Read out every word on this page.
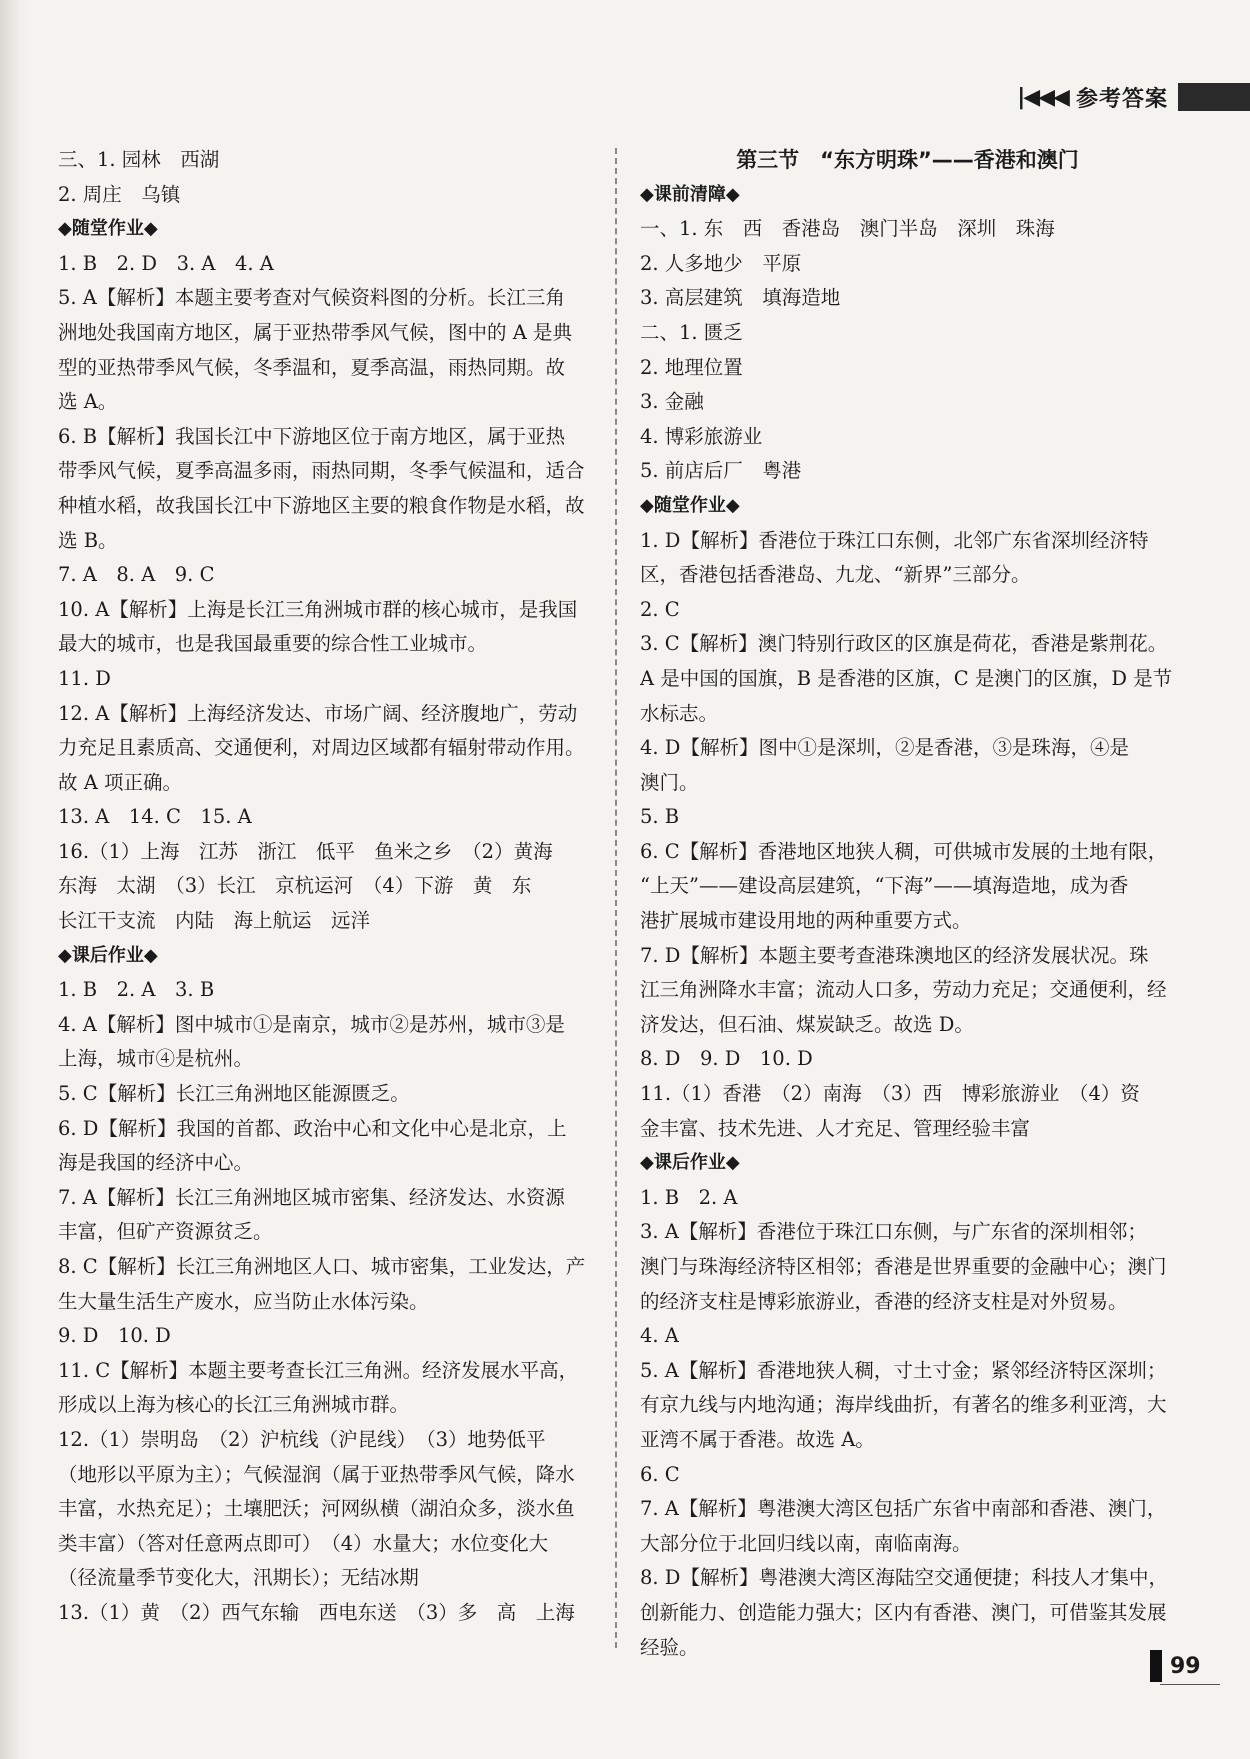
|◀◀◀ 参考答案
三、1. 园林　西湖
2. 周庄　乌镇
◆随堂作业◆
1. B　2. D　3. A　4. A
5. A【解析】本题主要考查对气候资料图的分析。长江三角
洲地处我国南方地区，属于亚热带季风气候，图中的 A 是典
型的亚热带季风气候，冬季温和，夏季高温，雨热同期。故
选 A。
6. B【解析】我国长江中下游地区位于南方地区，属于亚热
带季风气候，夏季高温多雨，雨热同期，冬季气候温和，适合
种植水稻，故我国长江中下游地区主要的粮食作物是水稻，故
选 B。
7. A　8. A　9. C
10. A【解析】上海是长江三角洲城市群的核心城市，是我国
最大的城市，也是我国最重要的综合性工业城市。
11. D
12. A【解析】上海经济发达、市场广阔、经济腹地广，劳动
力充足且素质高、交通便利，对周边区域都有辐射带动作用。
故 A 项正确。
13. A　14. C　15. A
16.（1）上海　江苏　浙江　低平　鱼米之乡　（2）黄海
东海　太湖　（3）长江　京杭运河　（4）下游　黄　东
长江干支流　内陆　海上航运　远洋
◆课后作业◆
1. B　2. A　3. B
4. A【解析】图中城市①是南京，城市②是苏州，城市③是
上海，城市④是杭州。
5. C【解析】长江三角洲地区能源匮乏。
6. D【解析】我国的首都、政治中心和文化中心是北京，上
海是我国的经济中心。
7. A【解析】长江三角洲地区城市密集、经济发达、水资源
丰富，但矿产资源贫乏。
8. C【解析】长江三角洲地区人口、城市密集，工业发达，产
生大量生活生产废水，应当防止水体污染。
9. D　10. D
11. C【解析】本题主要考查长江三角洲。经济发展水平高，
形成以上海为核心的长江三角洲城市群。
12.（1）崇明岛　（2）沪杭线（沪昆线）　（3）地势低平
（地形以平原为主）；气候湿润（属于亚热带季风气候，降水
丰富，水热充足）；土壤肥沃；河网纵横（湖泊众多，淡水鱼
类丰富）（答对任意两点即可）　（4）水量大；水位变化大
（径流量季节变化大，汛期长）；无结冰期
13.（1）黄　（2）西气东输　西电东送　（3）多　高　上海
第三节　“东方明珠”——香港和澳门
◆课前清障◆
一、1. 东　西　香港岛　澳门半岛　深圳　珠海
2. 人多地少　平原
3. 高层建筑　填海造地
二、1. 匮乏
2. 地理位置
3. 金融
4. 博彩旅游业
5. 前店后厂　粤港
◆随堂作业◆
1. D【解析】香港位于珠江口东侧，北邻广东省深圳经济特
区，香港包括香港岛、九龙、“新界”三部分。
2. C
3. C【解析】澳门特别行政区的区旗是荷花，香港是紫荆花。
A 是中国的国旗，B 是香港的区旗，C 是澳门的区旗，D 是节
水标志。
4. D【解析】图中①是深圳，②是香港，③是珠海，④是
澳门。
5. B
6. C【解析】香港地区地狭人稠，可供城市发展的土地有限，
“上天”——建设高层建筑，“下海”——填海造地，成为香
港扩展城市建设用地的两种重要方式。
7. D【解析】本题主要考查港珠澳地区的经济发展状况。珠
江三角洲降水丰富；流动人口多，劳动力充足；交通便利，经
济发达，但石油、煤炭缺乏。故选 D。
8. D　9. D　10. D
11.（1）香港　（2）南海　（3）西　博彩旅游业　（4）资
金丰富、技术先进、人才充足、管理经验丰富
◆课后作业◆
1. B　2. A
3. A【解析】香港位于珠江口东侧，与广东省的深圳相邻；
澳门与珠海经济特区相邻；香港是世界重要的金融中心；澳门
的经济支柱是博彩旅游业，香港的经济支柱是对外贸易。
4. A
5. A【解析】香港地狭人稠，寸土寸金；紧邻经济特区深圳；
有京九线与内地沟通；海岸线曲折，有著名的维多利亚湾，大
亚湾不属于香港。故选 A。
6. C
7. A【解析】粤港澳大湾区包括广东省中南部和香港、澳门，
大部分位于北回归线以南，南临南海。
8. D【解析】粤港澳大湾区海陆空交通便捷；科技人才集中，
创新能力、创造能力强大；区内有香港、澳门，可借鉴其发展
经验。
99
